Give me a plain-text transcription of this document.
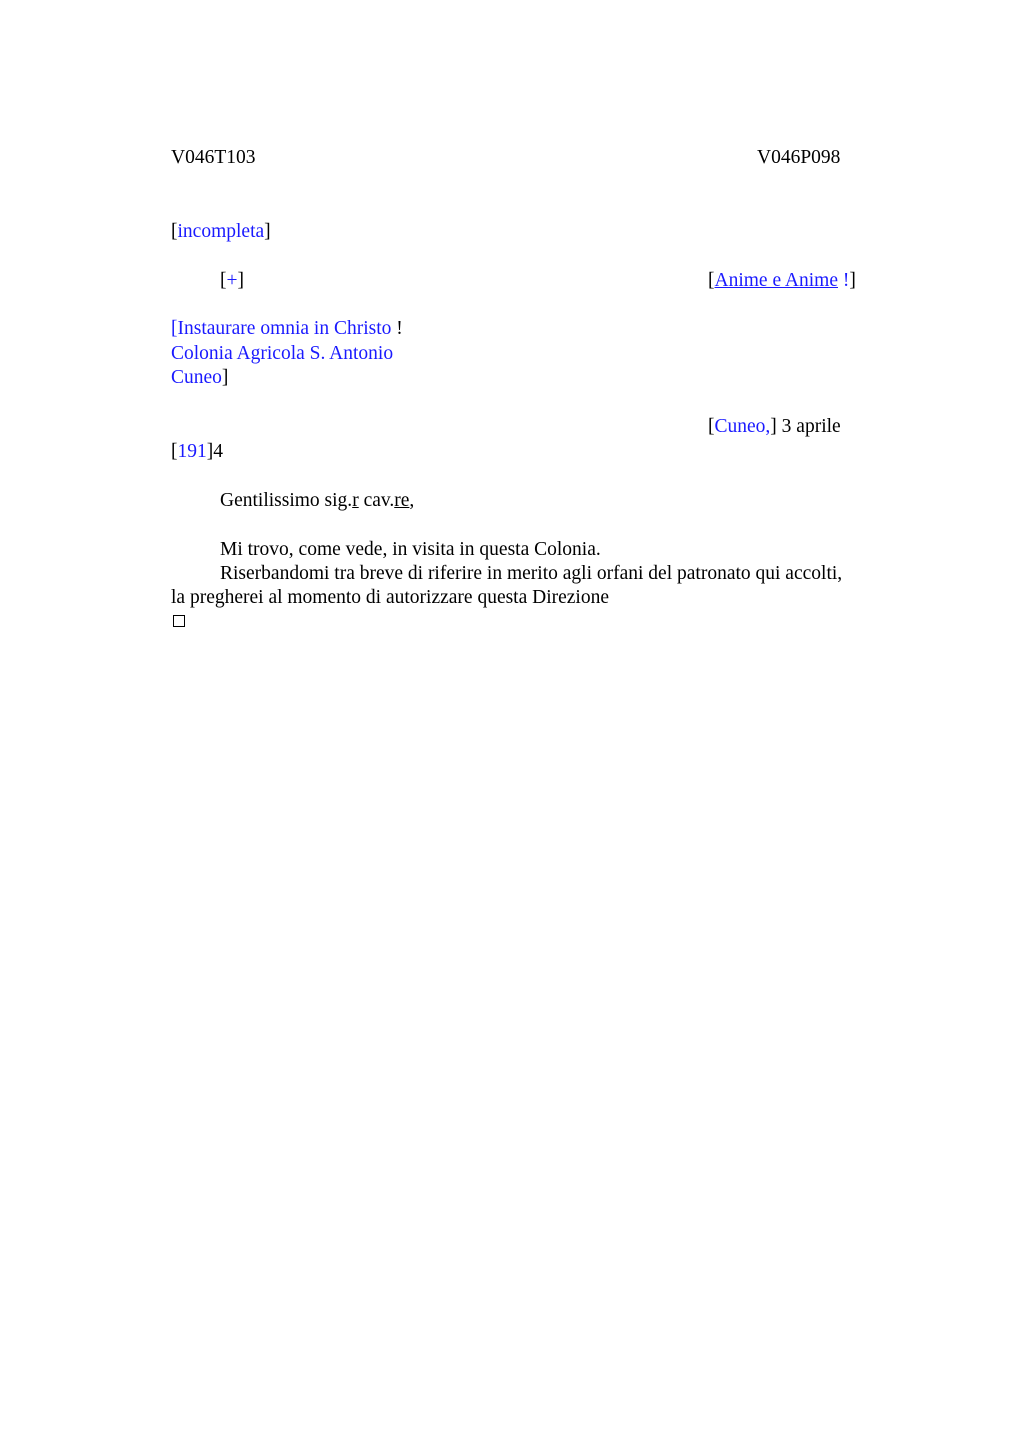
V046T103	V046P098
[incompleta]
[+]	[Anime e Anime !]
[Instaurare omnia in Christo !
Colonia Agricola S. Antonio
Cuneo]
[Cuneo,] 3 aprile
[191]4
Gentilissimo sig.r cav.re,
Mi trovo, come vede, in visita in questa Colonia.
Riserbandomi tra breve di riferire in merito agli orfani del patronato qui accolti,
la pregherei al momento di autorizzare questa Direzione
